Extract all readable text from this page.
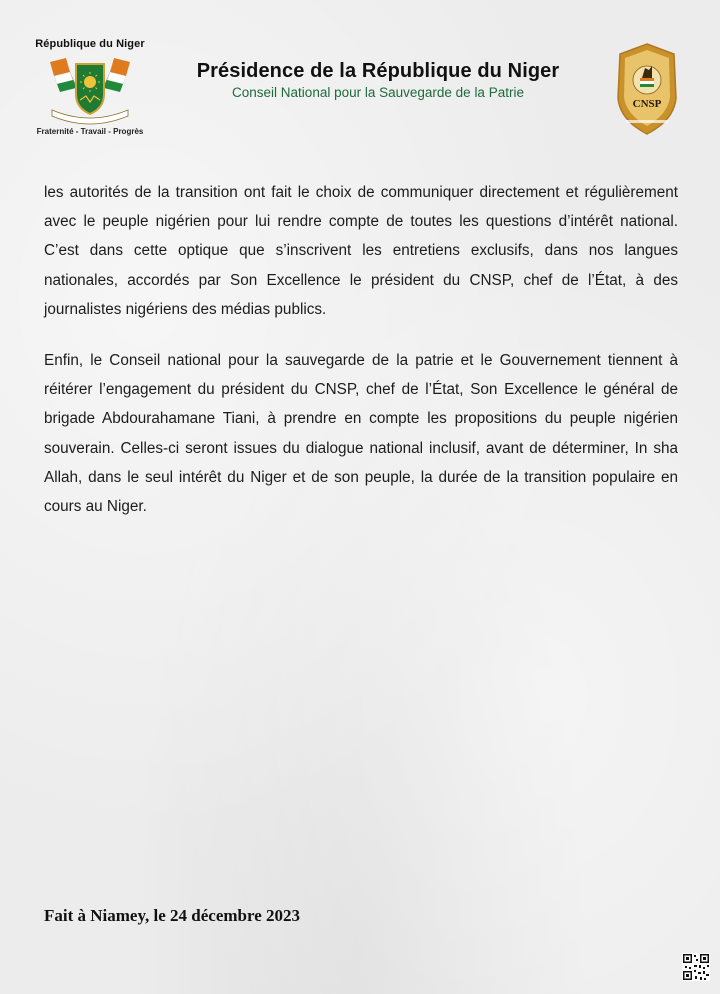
République du Niger
Fraternité - Travail - Progrès
Présidence de la République du Niger
Conseil National pour la Sauvegarde de la Patrie
CNSP

les autorités de la transition ont fait le choix de communiquer directement et régulièrement avec le peuple nigérien pour lui rendre compte de toutes les questions d’intérêt national. C’est dans cette optique que s’inscrivent les entretiens exclusifs, dans nos langues nationales, accordés par Son Excellence le président du CNSP, chef de l’État, à des journalistes nigériens des médias publics.

Enfin, le Conseil national pour la sauvegarde de la patrie et le Gouvernement tiennent à réitérer l’engagement du président du CNSP, chef de l’État, Son Excellence le général de brigade Abdourahamane Tiani, à prendre en compte les propositions du peuple nigérien souverain. Celles-ci seront issues du dialogue national inclusif, avant de déterminer, In sha Allah, dans le seul intérêt du Niger et de son peuple, la durée de la transition populaire en cours au Niger.

Fait à Niamey, le 24 décembre 2023
